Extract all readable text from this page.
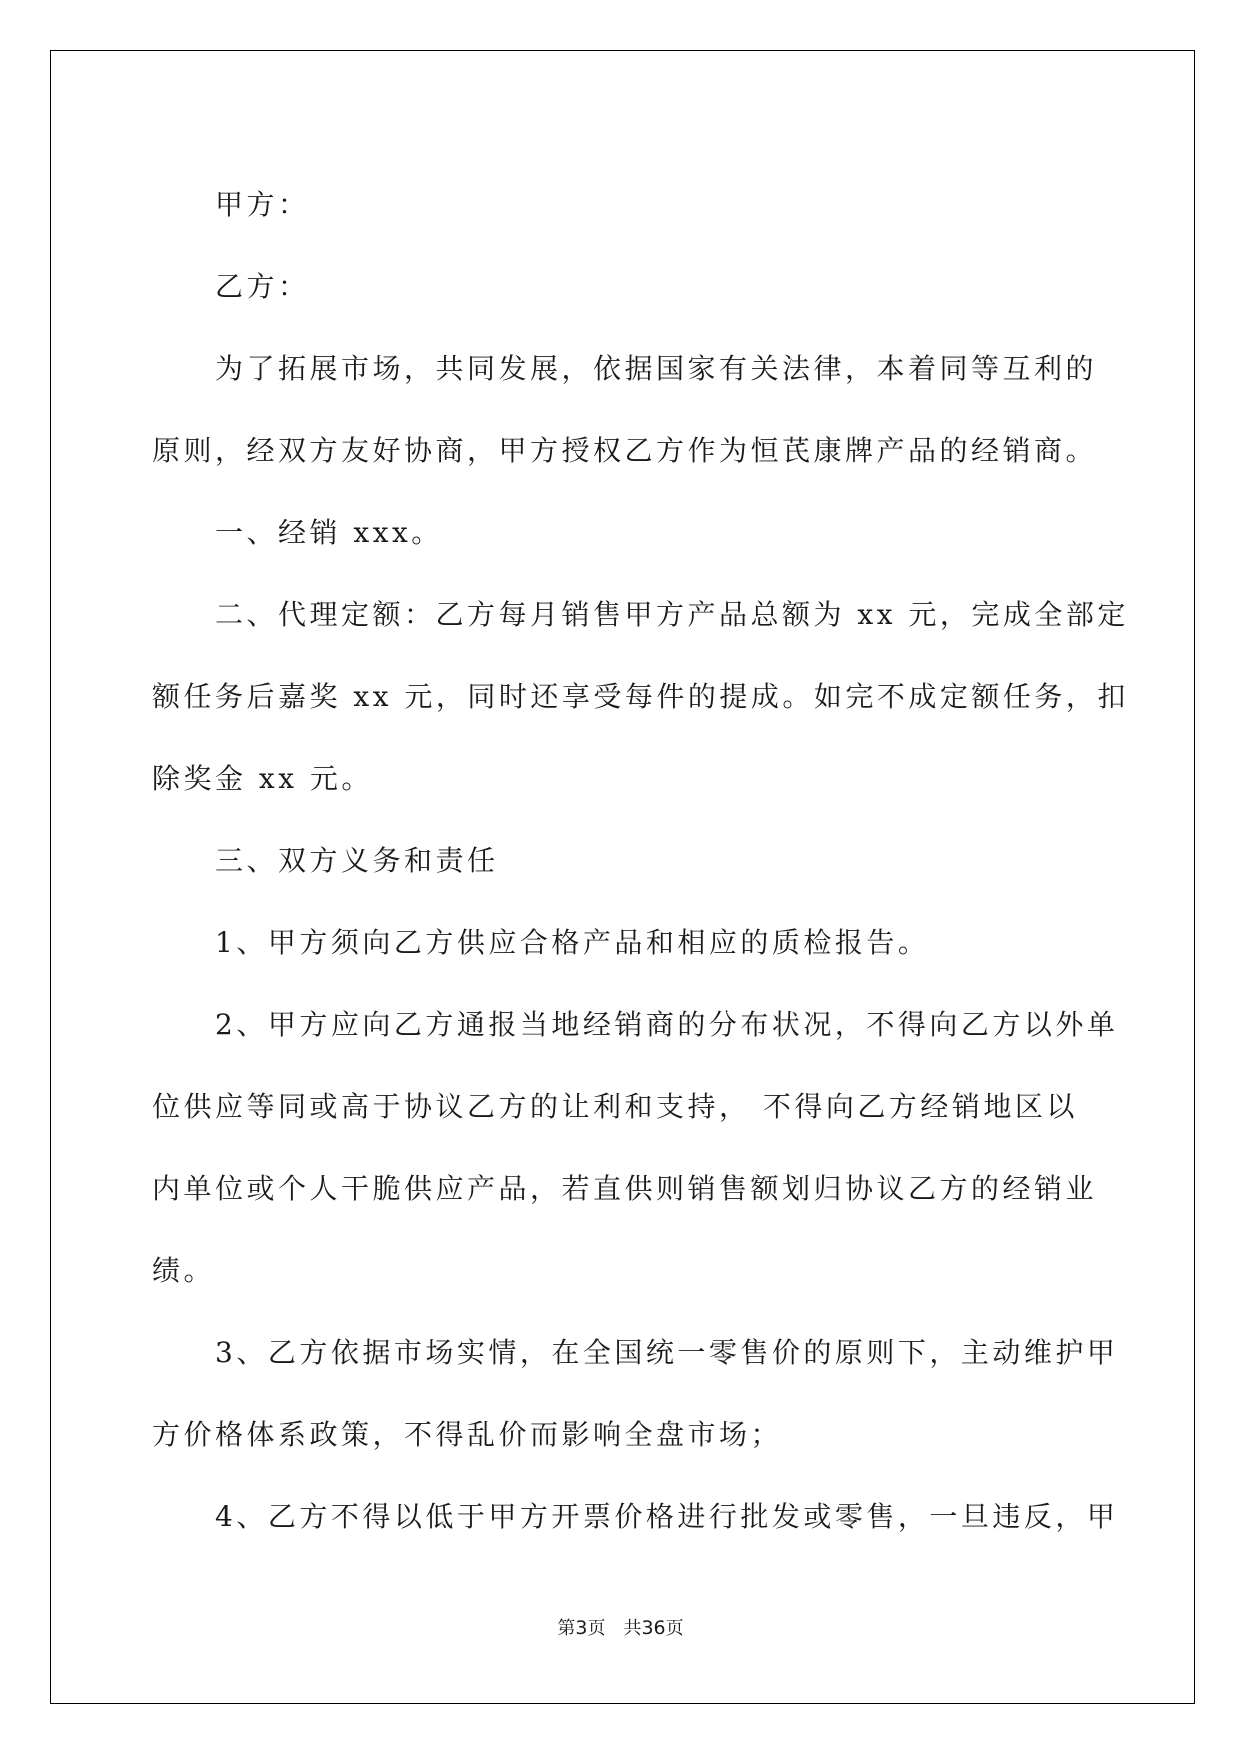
甲方：
乙方：
为了拓展市场，共同发展，依据国家有关法律，本着同等互利的
原则，经双方友好协商，甲方授权乙方作为恒芪康牌产品的经销商。
一、经销 xxx。
二、代理定额：乙方每月销售甲方产品总额为 xx 元，完成全部定
额任务后嘉奖 xx 元，同时还享受每件的提成。如完不成定额任务，扣
除奖金 xx 元。
三、双方义务和责任
1、甲方须向乙方供应合格产品和相应的质检报告。
2、甲方应向乙方通报当地经销商的分布状况，不得向乙方以外单
位供应等同或高于协议乙方的让利和支持， 不得向乙方经销地区以
内单位或个人干脆供应产品，若直供则销售额划归协议乙方的经销业
绩。
3、乙方依据市场实情，在全国统一零售价的原则下，主动维护甲
方价格体系政策，不得乱价而影响全盘市场；
4、乙方不得以低于甲方开票价格进行批发或零售，一旦违反，甲
第3页 共36页
